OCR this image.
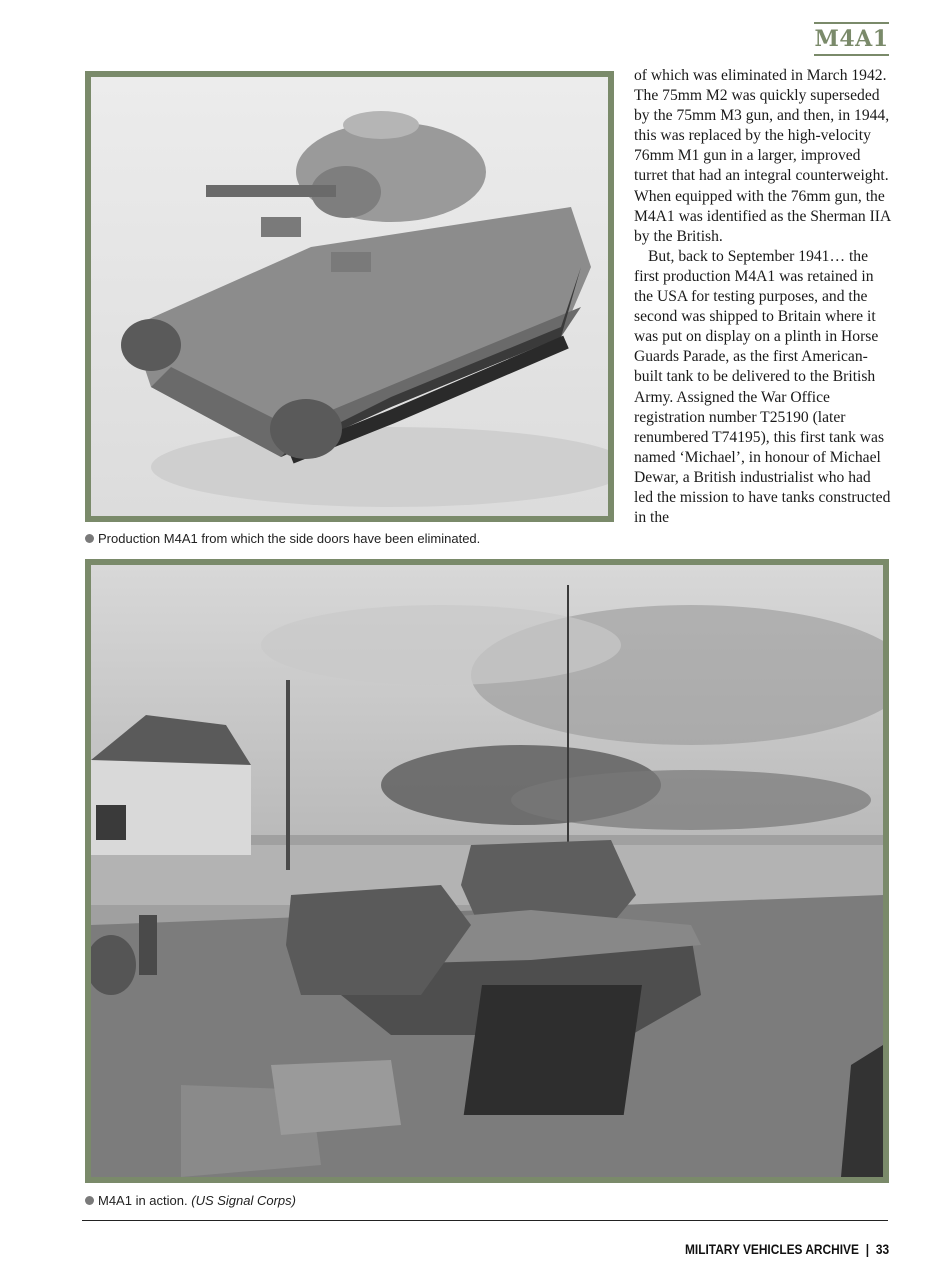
M4A1
Production M4A1 from which the side doors have been eliminated.

of which was eliminated in March 1942. The 75mm M2 was quickly superseded by the 75mm M3 gun, and then, in 1944, this was replaced by the high-velocity 76mm M1 gun in a larger, improved turret that had an integral counterweight. When equipped with the 76mm gun, the M4A1 was identified as the Sherman IIA by the British.

But, back to September 1941… the first production M4A1 was retained in the USA for testing purposes, and the second was shipped to Britain where it was put on display on a plinth in Horse Guards Parade, as the first American-built tank to be delivered to the British Army. Assigned the War Office registration number T25190 (later renumbered T74195), this first tank was named ‘Michael’, in honour of Michael Dewar, a British industrialist who had led the mission to have tanks constructed in the

M4A1 in action. (US Signal Corps)
MILITARY VEHICLES ARCHIVE | 33
